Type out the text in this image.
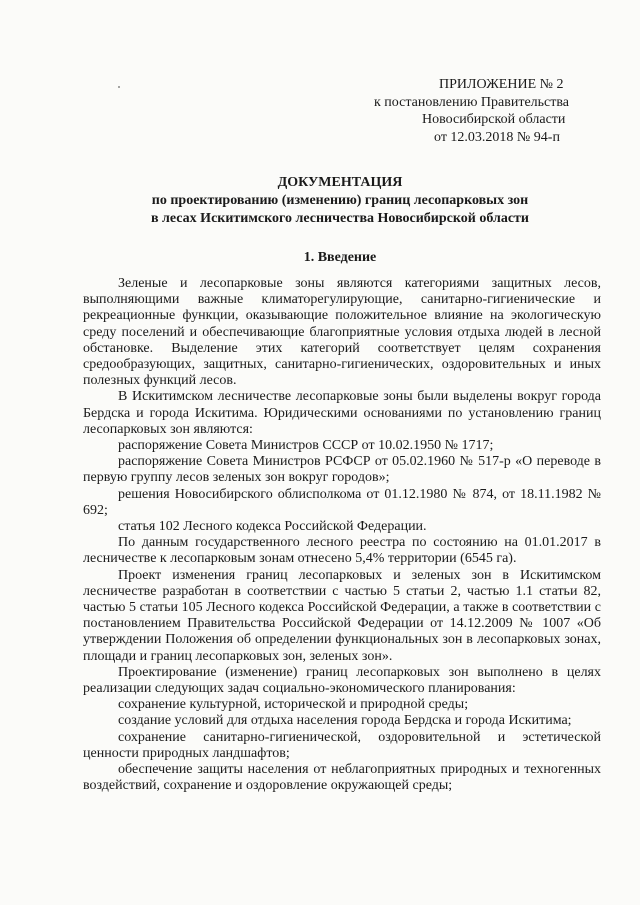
ПРИЛОЖЕНИЕ № 2
к постановлению Правительства
Новосибирской области
от 12.03.2018 № 94-п
ДОКУМЕНТАЦИЯ
по проектированию (изменению) границ лесопарковых зон
в лесах Искитимского лесничества Новосибирской области
1. Введение

Зеленые и лесопарковые зоны являются категориями защитных лесов, выполняющими важные климаторегулирующие, санитарно-гигиенические и рекреационные функции, оказывающие положительное влияние на экологическую среду поселений и обеспечивающие благоприятные условия отдыха людей в лесной обстановке. Выделение этих категорий соответствует целям сохранения средообразующих, защитных, санитарно-гигиенических, оздоровительных и иных полезных функций лесов.

В Искитимском лесничестве лесопарковые зоны были выделены вокруг города Бердска и города Искитима. Юридическими основаниями по установлению границ лесопарковых зон являются:

распоряжение Совета Министров СССР от 10.02.1950 № 1717;

распоряжение Совета Министров РСФСР от 05.02.1960 № 517-р «О переводе в первую группу лесов зеленых зон вокруг городов»;

решения Новосибирского облисполкома от 01.12.1980 № 874, от 18.11.1982 № 692;

статья 102 Лесного кодекса Российской Федерации.

По данным государственного лесного реестра по состоянию на 01.01.2017 в лесничестве к лесопарковым зонам отнесено 5,4% территории (6545 га).

Проект изменения границ лесопарковых и зеленых зон в Искитимском лесничестве разработан в соответствии с частью 5 статьи 2, частью 1.1 статьи 82, частью 5 статьи 105 Лесного кодекса Российской Федерации, а также в соответствии с постановлением Правительства Российской Федерации от 14.12.2009 № 1007 «Об утверждении Положения об определении функциональных зон в лесопарковых зонах, площади и границ лесопарковых зон, зеленых зон».

Проектирование (изменение) границ лесопарковых зон выполнено в целях реализации следующих задач социально-экономического планирования:

сохранение культурной, исторической и природной среды;

создание условий для отдыха населения города Бердска и города Искитима;

сохранение санитарно-гигиенической, оздоровительной и эстетической ценности природных ландшафтов;

обеспечение защиты населения от неблагоприятных природных и техногенных воздействий, сохранение и оздоровление окружающей среды;
